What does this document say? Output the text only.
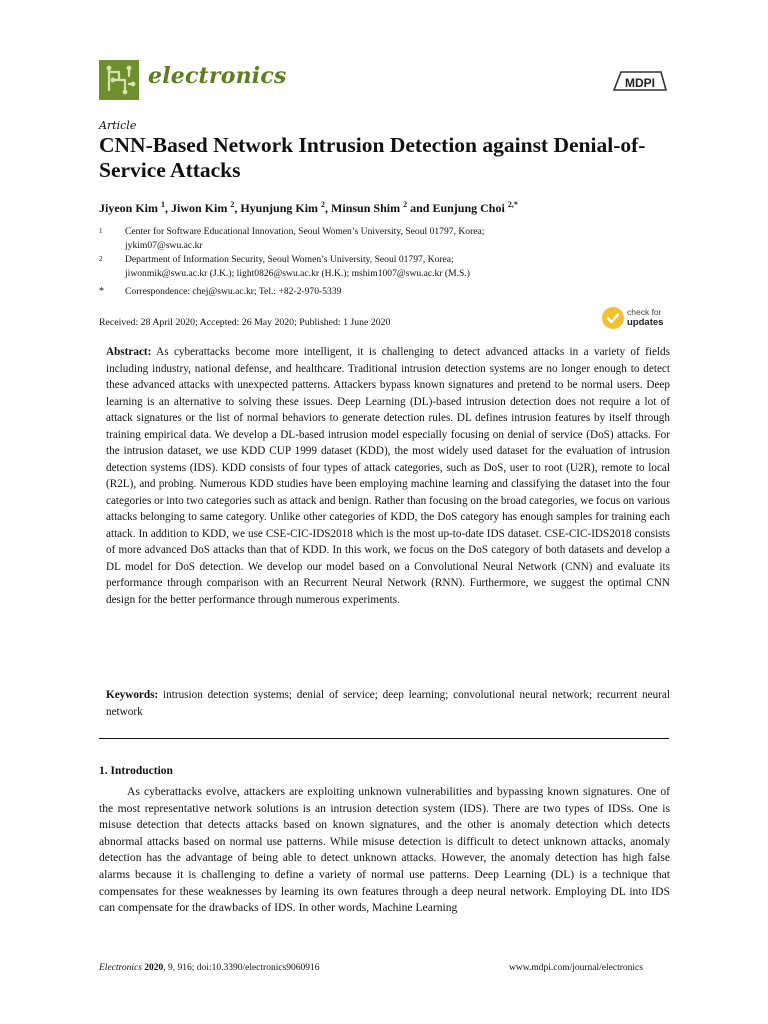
electronics	MDPI
Article
CNN-Based Network Intrusion Detection against Denial-of-Service Attacks
Jiyeon Kim $^1$, Jiwon Kim $^2$, Hyunjung Kim $^2$, Minsun Shim $^2$ and Eunjung Choi $^{2,*}$
1 Center for Software Educational Innovation, Seoul Women’s University, Seoul 01797, Korea;
jykim07@swu.ac.kr
2 Department of Information Security, Seoul Women’s University, Seoul 01797, Korea;
jiwonmik@swu.ac.kr (J.K.); light0826@swu.ac.kr (H.K.); mshim1007@swu.ac.kr (M.S.)
* Correspondence: chej@swu.ac.kr; Tel.: +82-2-970-5339
Received: 28 April 2020; Accepted: 26 May 2020; Published: 1 June 2020
check for
updates
Abstract: As cyberattacks become more intelligent, it is challenging to detect advanced attacks in a variety of fields including industry, national defense, and healthcare. Traditional intrusion detection systems are no longer enough to detect these advanced attacks with unexpected patterns. Attackers bypass known signatures and pretend to be normal users. Deep learning is an alternative to solving these issues. Deep Learning (DL)-based intrusion detection does not require a lot of attack signatures or the list of normal behaviors to generate detection rules. DL defines intrusion features by itself through training empirical data. We develop a DL-based intrusion model especially focusing on denial of service (DoS) attacks. For the intrusion dataset, we use KDD CUP 1999 dataset (KDD), the most widely used dataset for the evaluation of intrusion detection systems (IDS). KDD consists of four types of attack categories, such as DoS, user to root (U2R), remote to local (R2L), and probing. Numerous KDD studies have been employing machine learning and classifying the dataset into the four categories or into two categories such as attack and benign. Rather than focusing on the broad categories, we focus on various attacks belonging to same category. Unlike other categories of KDD, the DoS category has enough samples for training each attack. In addition to KDD, we use CSE-CIC-IDS2018 which is the most up-to-date IDS dataset. CSE-CIC-IDS2018 consists of more advanced DoS attacks than that of KDD. In this work, we focus on the DoS category of both datasets and develop a DL model for DoS detection. We develop our model based on a Convolutional Neural Network (CNN) and evaluate its performance through comparison with an Recurrent Neural Network (RNN). Furthermore, we suggest the optimal CNN design for the better performance through numerous experiments.
Keywords: intrusion detection systems; denial of service; deep learning; convolutional neural network; recurrent neural network
1. Introduction
As cyberattacks evolve, attackers are exploiting unknown vulnerabilities and bypassing known signatures. One of the most representative network solutions is an intrusion detection system (IDS). There are two types of IDSs. One is misuse detection that detects attacks based on known signatures, and the other is anomaly detection which detects abnormal attacks based on normal use patterns. While misuse detection is difficult to detect unknown attacks, anomaly detection has the advantage of being able to detect unknown attacks. However, the anomaly detection has high false alarms because it is challenging to define a variety of normal use patterns. Deep Learning (DL) is a technique that compensates for these weaknesses by learning its own features through a deep neural network. Employing DL into IDS can compensate for the drawbacks of IDS. In other words, Machine Learning
Electronics 2020, 9, 916; doi:10.3390/electronics9060916	www.mdpi.com/journal/electronics
